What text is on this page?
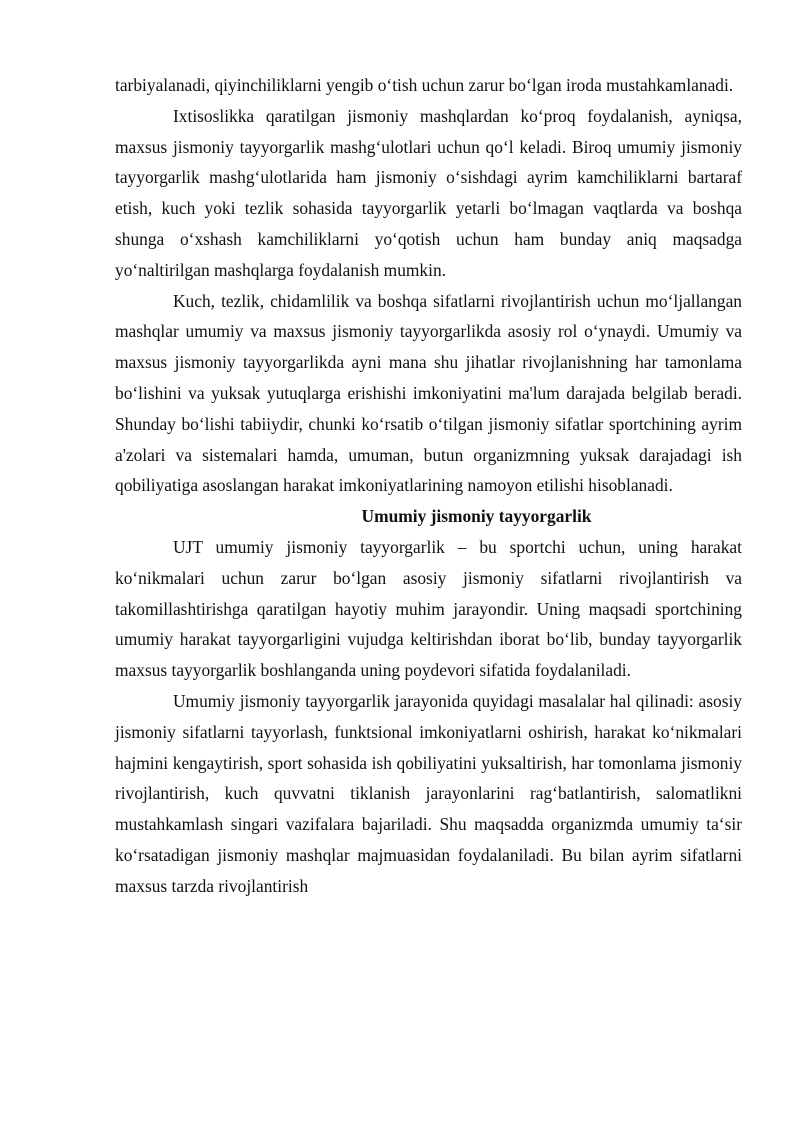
tarbiyalanadi, qiyinchiliklarni yengib o‘tish uchun zarur bo‘lgan iroda mustahkamlanadi.

Ixtisoslikka qaratilgan jismoniy mashqlardan ko‘proq foydalanish, ayniqsa, maxsus jismoniy tayyorgarlik mashg‘ulotlari uchun qo‘l keladi. Biroq umumiy jismoniy tayyorgarlik mashg‘ulotlarida ham jismoniy o‘sishdagi ayrim kamchiliklarni bartaraf etish, kuch yoki tezlik sohasida tayyorgarlik yetarli bo‘lmagan vaqtlarda va boshqa shunga o‘xshash kamchiliklarni yo‘qotish uchun ham bunday aniq maqsadga yo‘naltirilgan mashqlarga foydalanish mumkin.

Kuch, tezlik, chidamlilik va boshqa sifatlarni rivojlantirish uchun mo‘ljallangan mashqlar umumiy va maxsus jismoniy tayyorgarlikda asosiy rol o‘ynaydi. Umumiy va maxsus jismoniy tayyorgarlikda ayni mana shu jihatlar rivojlanishning har tamonlama bo‘lishini va yuksak yutuqlarga erishishi imkoniyatini ma'lum darajada belgilab beradi. Shunday bo‘lishi tabiiydir, chunki ko‘rsatib o‘tilgan jismoniy sifatlar sportchining ayrim a'zolari va sistemalari hamda, umuman, butun organizmning yuksak darajadagi ish qobiliyatiga asoslangan harakat imkoniyatlarining namoyon etilishi hisoblanadi.

Umumiy jismoniy tayyorgarlik

UJT umumiy jismoniy tayyorgarlik – bu sportchi uchun, uning harakat ko‘nikmalari uchun zarur bo‘lgan asosiy jismoniy sifatlarni rivojlantirish va takomillashtirishga qaratilgan hayotiy muhim jarayondir. Uning maqsadi sportchining umumiy harakat tayyorgarligini vujudga keltirishdan iborat bo‘lib, bunday tayyorgarlik maxsus tayyorgarlik boshlanganda uning poydevori sifatida foydalaniladi.

Umumiy jismoniy tayyorgarlik jarayonida quyidagi masalalar hal qilinadi: asosiy jismoniy sifatlarni tayyorlash, funktsional imkoniyatlarni oshirish, harakat ko‘nikmalari hajmini kengaytirish, sport sohasida ish qobiliyatini yuksaltirish, har tomonlama jismoniy rivojlantirish, kuch quvvatni tiklanish jarayonlarini rag‘batlantirish, salomatlikni mustahkamlash singari vazifalara bajariladi. Shu maqsadda organizmda umumiy ta‘sir ko‘rsatadigan jismoniy mashqlar majmuasidan foydalaniladi. Bu bilan ayrim sifatlarni maxsus tarzda rivojlantirish
